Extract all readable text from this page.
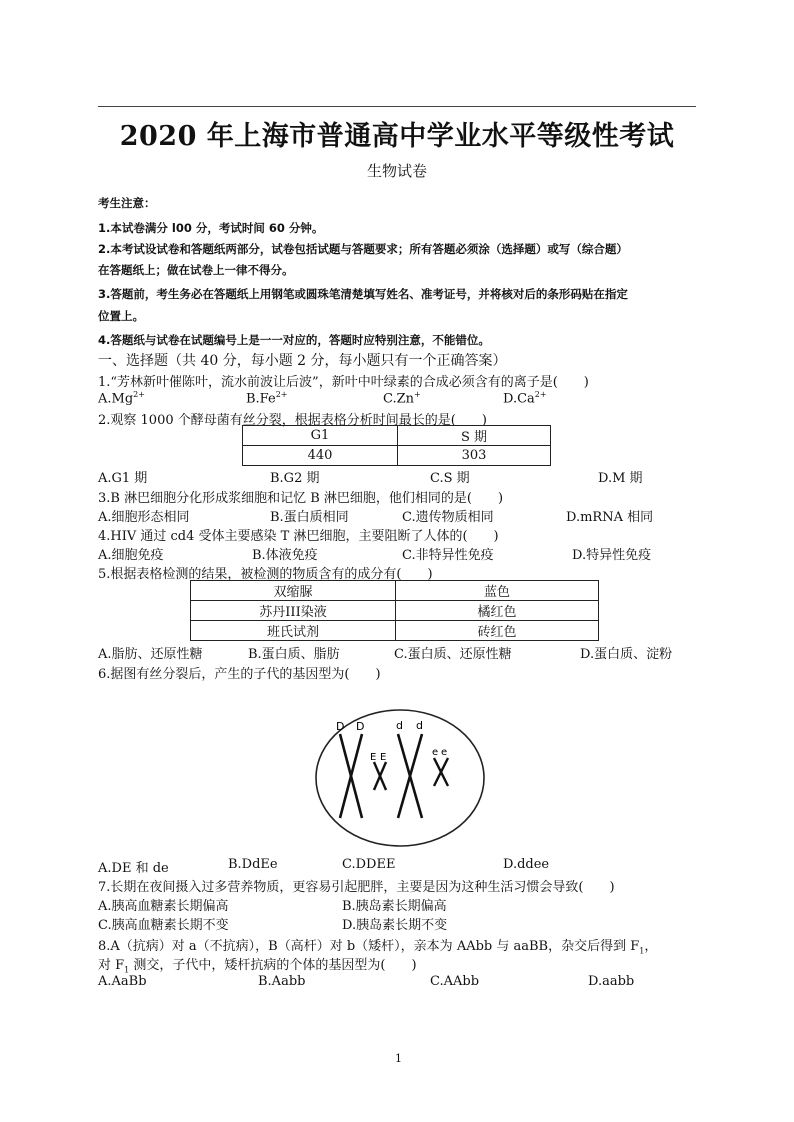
2020 年上海市普通高中学业水平等级性考试
生物试卷
考生注意：
1.本试卷满分 l00 分，考试时间 60 分钟。
2.本考试设试卷和答题纸两部分，试卷包括试题与答题要求；所有答题必须涂（选择题）或写（综合题）
在答题纸上；做在试卷上一律不得分。
3.答题前，考生务必在答题纸上用钢笔或圆珠笔清楚填写姓名、准考证号，并将核对后的条形码贴在指定
位置上。
4.答题纸与试卷在试题编号上是一一对应的，答题时应特别注意，不能错位。
一、选择题（共 40 分，每小题 2 分，每小题只有一个正确答案）
1.“芳林新叶催陈叶，流水前波让后波”，新叶中叶绿素的合成必须含有的离子是(　　)
$A.Mg^{2+}$	$B.Fe^{2+}$	C.Zn+	$D.Ca^{2+}$
2.观察 1000 个酵母菌有丝分裂，根据表格分析时间最长的是(　　)
G1	S 期
440	303
A.G1 期	B.G2 期	C.S 期	D.M 期
3.B 淋巴细胞分化形成浆细胞和记忆 B 淋巴细胞，他们相同的是(　　)
A.细胞形态相同	B.蛋白质相同	C.遗传物质相同	D.mRNA 相同
4.HIV 通过 cd4 受体主要感染 T 淋巴细胞，主要阻断了人体的(　　)
A.细胞免疫	B.体液免疫	C.非特异性免疫	D.特异性免疫
5.根据表格检测的结果，被检测的物质含有的成分有(　　)
双缩脲	蓝色
苏丹III染液	橘红色
班氏试剂	砖红色
A.脂肪、还原性糖	B.蛋白质、脂肪	C.蛋白质、还原性糖	D.蛋白质、淀粉
6.据图有丝分裂后，产生的子代的基因型为(　　)
D D
E E
d d
e e
A.DE 和 de	B.DdEe	C.DDEE	D.ddee
7.长期在夜间摄入过多营养物质，更容易引起肥胖，主要是因为这种生活习惯会导致(　　)
A.胰高血糖素长期偏高	B.胰岛素长期偏高
C.胰高血糖素长期不变	D.胰岛素长期不变
8.A（抗病）对 a（不抗病），B（高杆）对 b（矮杆），亲本为 AAbb 与 aaBB，杂交后得到 $F_1$，
对 $F_1$ 测交，子代中，矮杆抗病的个体的基因型为(　　)
A.AaBb	B.Aabb	C.AAbb	D.aabb
1
